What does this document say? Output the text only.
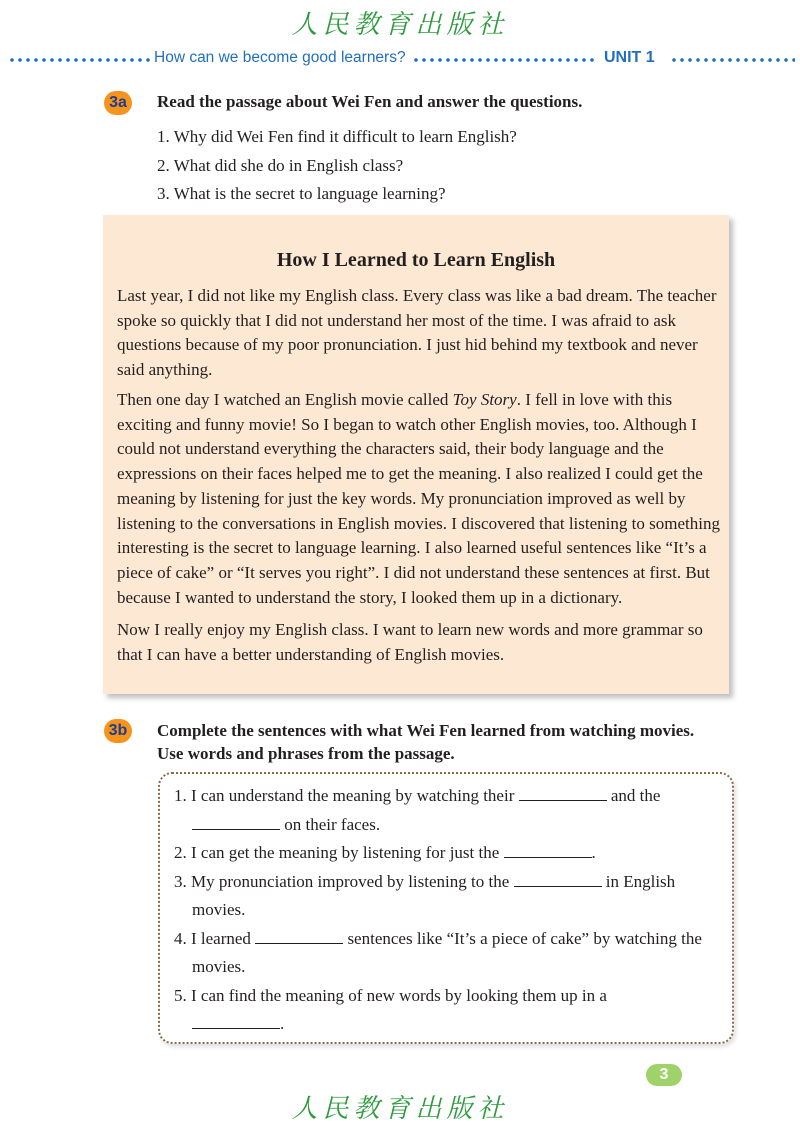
人民教育出版社
How can we become good learners?	UNIT 1
3a	Read the passage about Wei Fen and answer the questions.
1. Why did Wei Fen find it difficult to learn English?
2. What did she do in English class?
3. What is the secret to language learning?
How I Learned to Learn English

Last year, I did not like my English class. Every class was like a bad dream. The teacher spoke so quickly that I did not understand her most of the time. I was afraid to ask questions because of my poor pronunciation. I just hid behind my textbook and never said anything.

Then one day I watched an English movie called Toy Story. I fell in love with this exciting and funny movie! So I began to watch other English movies, too. Although I could not understand everything the characters said, their body language and the expressions on their faces helped me to get the meaning. I also realized I could get the meaning by listening for just the key words. My pronunciation improved as well by listening to the conversations in English movies. I discovered that listening to something interesting is the secret to language learning. I also learned useful sentences like “It’s a piece of cake” or “It serves you right”. I did not understand these sentences at first. But because I wanted to understand the story, I looked them up in a dictionary.

Now I really enjoy my English class. I want to learn new words and more grammar so that I can have a better understanding of English movies.

3b Complete the sentences with what Wei Fen learned from watching movies. Use words and phrases from the passage.
1. I can understand the meaning by watching their	and the
on their faces.
2. I can get the meaning by listening for just the	.
3. My pronunciation improved by listening to the	in English movies.
4. I learned	sentences like “It’s a piece of cake” by watching the movies.
5. I can find the meaning of new words by looking them up in a
.
3
人民教育出版社
